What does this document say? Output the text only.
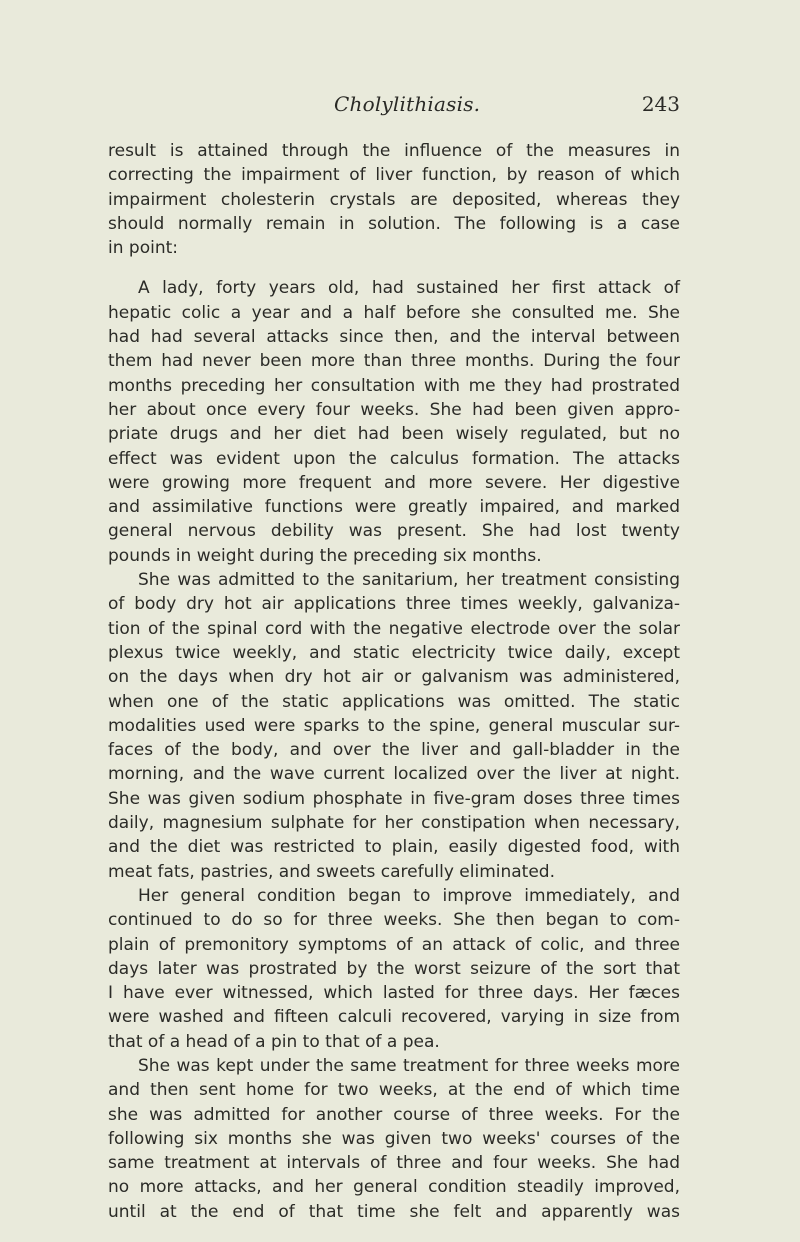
Cholylithiasis.	243
result is attained through the influence of the measures in
correcting the impairment of liver function, by reason of which
impairment cholesterin crystals are deposited, whereas they
should normally remain in solution. The following is a case
in point:
A lady, forty years old, had sustained her first attack of
hepatic colic a year and a half before she consulted me. She
had had several attacks since then, and the interval between
them had never been more than three months. During the four
months preceding her consultation with me they had prostrated
her about once every four weeks. She had been given appro-
priate drugs and her diet had been wisely regulated, but no
effect was evident upon the calculus formation. The attacks
were growing more frequent and more severe. Her digestive
and assimilative functions were greatly impaired, and marked
general nervous debility was present. She had lost twenty
pounds in weight during the preceding six months.
She was admitted to the sanitarium, her treatment consisting
of body dry hot air applications three times weekly, galvaniza-
tion of the spinal cord with the negative electrode over the solar
plexus twice weekly, and static electricity twice daily, except
on the days when dry hot air or galvanism was administered,
when one of the static applications was omitted. The static
modalities used were sparks to the spine, general muscular sur-
faces of the body, and over the liver and gall-bladder in the
morning, and the wave current localized over the liver at night.
She was given sodium phosphate in five-gram doses three times
daily, magnesium sulphate for her constipation when necessary,
and the diet was restricted to plain, easily digested food, with
meat fats, pastries, and sweets carefully eliminated.
Her general condition began to improve immediately, and
continued to do so for three weeks. She then began to com-
plain of premonitory symptoms of an attack of colic, and three
days later was prostrated by the worst seizure of the sort that
I have ever witnessed, which lasted for three days. Her fæces
were washed and fifteen calculi recovered, varying in size from
that of a head of a pin to that of a pea.
She was kept under the same treatment for three weeks more
and then sent home for two weeks, at the end of which time
she was admitted for another course of three weeks. For the
following six months she was given two weeks' courses of the
same treatment at intervals of three and four weeks. She had
no more attacks, and her general condition steadily improved,
until at the end of that time she felt and apparently was
